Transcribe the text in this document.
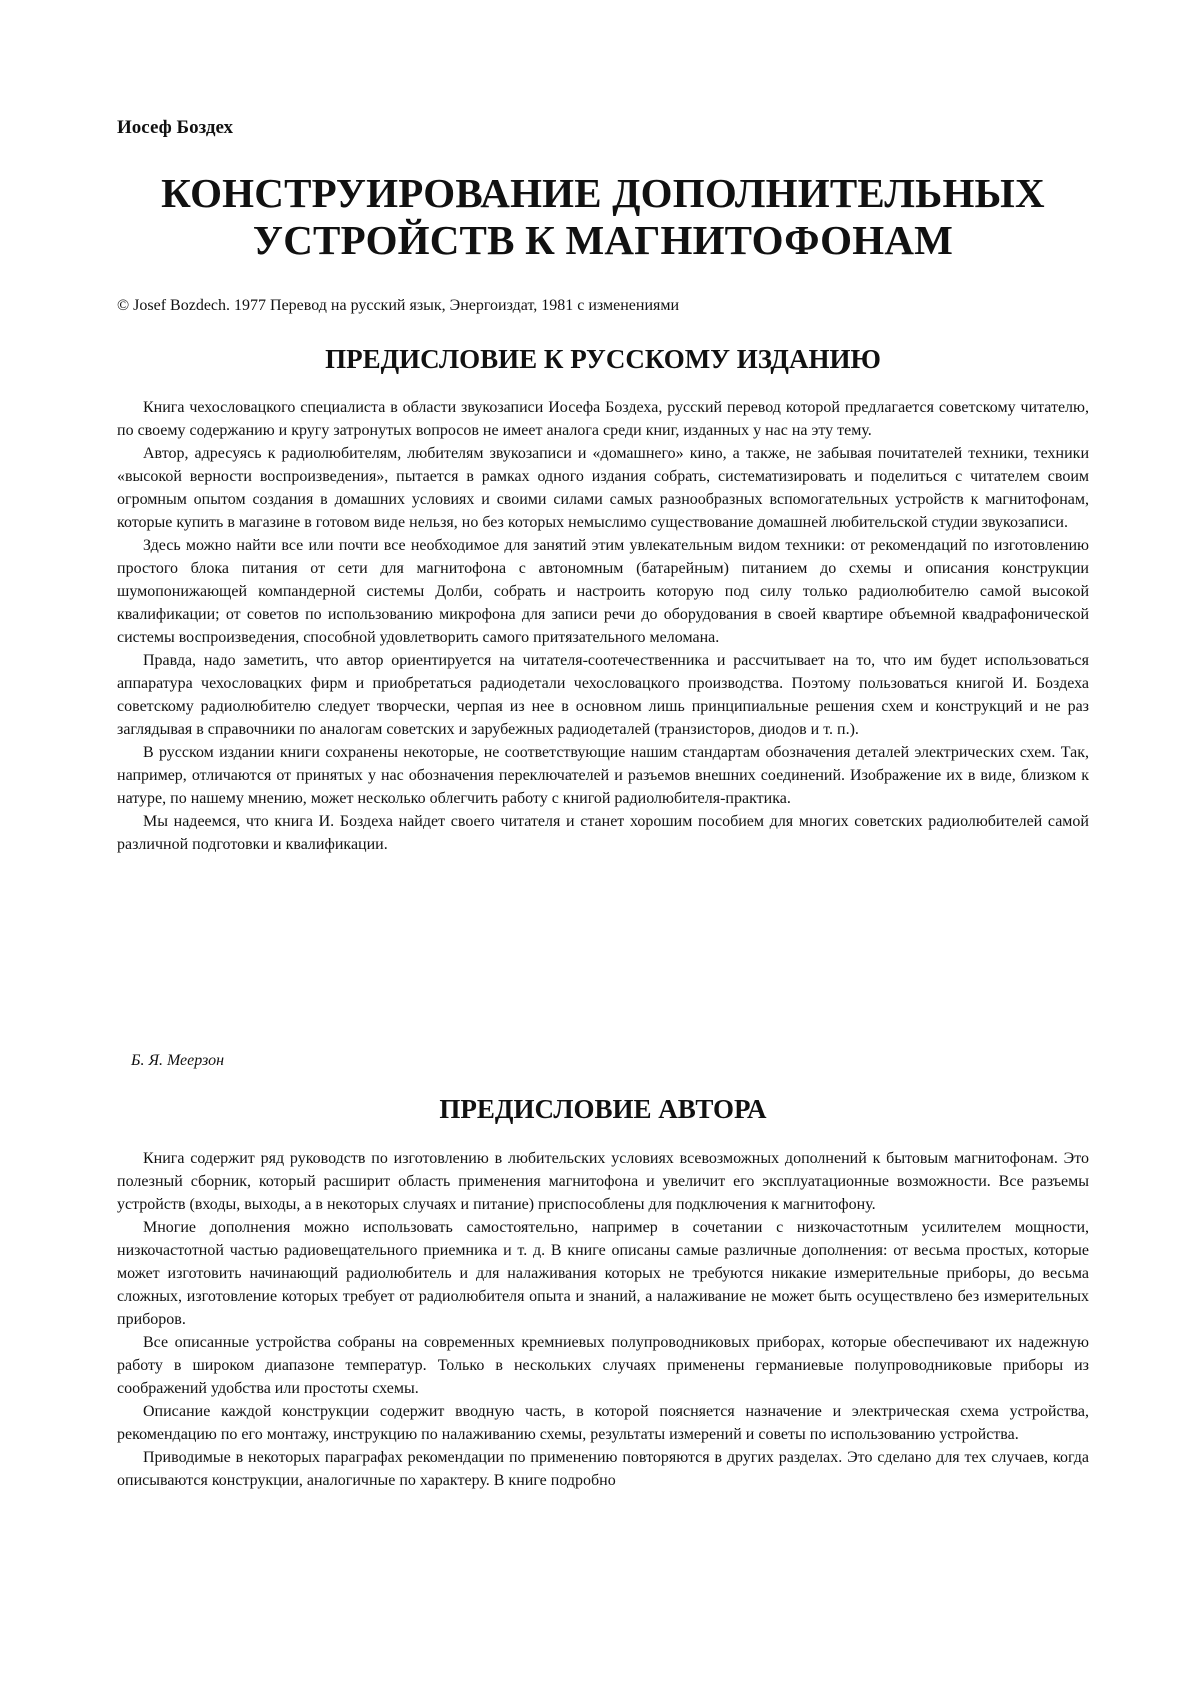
Иосеф Боздех

КОНСТРУИРОВАНИЕ ДОПОЛНИТЕЛЬНЫХ
УСТРОЙСТВ К МАГНИТОФОНАМ

© Josef Bozdech. 1977 Перевод на русский язык, Энергоиздат, 1981 с изменениями

ПРЕДИСЛОВИЕ К РУССКОМУ ИЗДАНИЮ

Книга чехословацкого специалиста в области звукозаписи Иосефа Боздеха, русский перевод которой предлагается советскому читателю, по своему содержанию и кругу затронутых вопросов не имеет аналога среди книг, изданных у нас на эту тему.

Автор, адресуясь к радиолюбителям, любителям звукозаписи и «домашнего» кино, а также, не забывая почитателей техники, техники «высокой верности воспроизведения», пытается в рамках одного издания собрать, систематизировать и поделиться с читателем своим огромным опытом создания в домашних условиях и своими силами самых разнообразных вспомогательных устройств к магнитофонам, которые купить в магазине в готовом виде нельзя, но без которых немыслимо существование домашней любительской студии звукозаписи.

Здесь можно найти все или почти все необходимое для занятий этим увлекательным видом техники: от рекомендаций по изготовлению простого блока питания от сети для магнитофона с автономным (батарейным) питанием до схемы и описания конструкции шумопонижающей компандерной системы Долби, собрать и настроить которую под силу только радиолюбителю самой высокой квалификации; от советов по использованию микрофона для записи речи до оборудования в своей квартире объемной квадрафонической системы воспроизведения, способной удовлетворить самого притязательного меломана.

Правда, надо заметить, что автор ориентируется на читателя-соотечественника и рассчитывает на то, что им будет использоваться аппаратура чехословацких фирм и приобретаться радиодетали чехословацкого производства. Поэтому пользоваться книгой И. Боздеха советскому радиолюбителю следует творчески, черпая из нее в основном лишь принципиальные решения схем и конструкций и не раз заглядывая в справочники по аналогам советских и зарубежных радиодеталей (транзисторов, диодов и т. п.).

В русском издании книги сохранены некоторые, не соответствующие нашим стандартам обозначения деталей электрических схем. Так, например, отличаются от принятых у нас обозначения переключателей и разъемов внешних соединений. Изображение их в виде, близком к натуре, по нашему мнению, может несколько облегчить работу с книгой радиолюбителя-практика.

Мы надеемся, что книга И. Боздеха найдет своего читателя и станет хорошим пособием для многих советских радиолюбителей самой различной подготовки и квалификации.

Б. Я. Меерзон

ПРЕДИСЛОВИЕ АВТОРА

Книга содержит ряд руководств по изготовлению в любительских условиях всевозможных дополнений к бытовым магнитофонам. Это полезный сборник, который расширит область применения магнитофона и увеличит его эксплуатационные возможности. Все разъемы устройств (входы, выходы, а в некоторых случаях и питание) приспособлены для подключения к магнитофону.

Многие дополнения можно использовать самостоятельно, например в сочетании с низкочастотным усилителем мощности, низкочастотной частью радиовещательного приемника и т. д. В книге описаны самые различные дополнения: от весьма простых, которые может изготовить начинающий радиолюбитель и для налаживания которых не требуются никакие измерительные приборы, до весьма сложных, изготовление которых требует от радиолюбителя опыта и знаний, а налаживание не может быть осуществлено без измерительных приборов.

Все описанные устройства собраны на современных кремниевых полупроводниковых приборах, которые обеспечивают их надежную работу в широком диапазоне температур. Только в нескольких случаях применены германиевые полупроводниковые приборы из соображений удобства или простоты схемы.

Описание каждой конструкции содержит вводную часть, в которой поясняется назначение и электрическая схема устройства, рекомендацию по его монтажу, инструкцию по налаживанию схемы, результаты измерений и советы по использованию устройства.

Приводимые в некоторых параграфах рекомендации по применению повторяются в других разделах. Это сделано для тех случаев, когда описываются конструкции, аналогичные по характеру. В книге подробно
